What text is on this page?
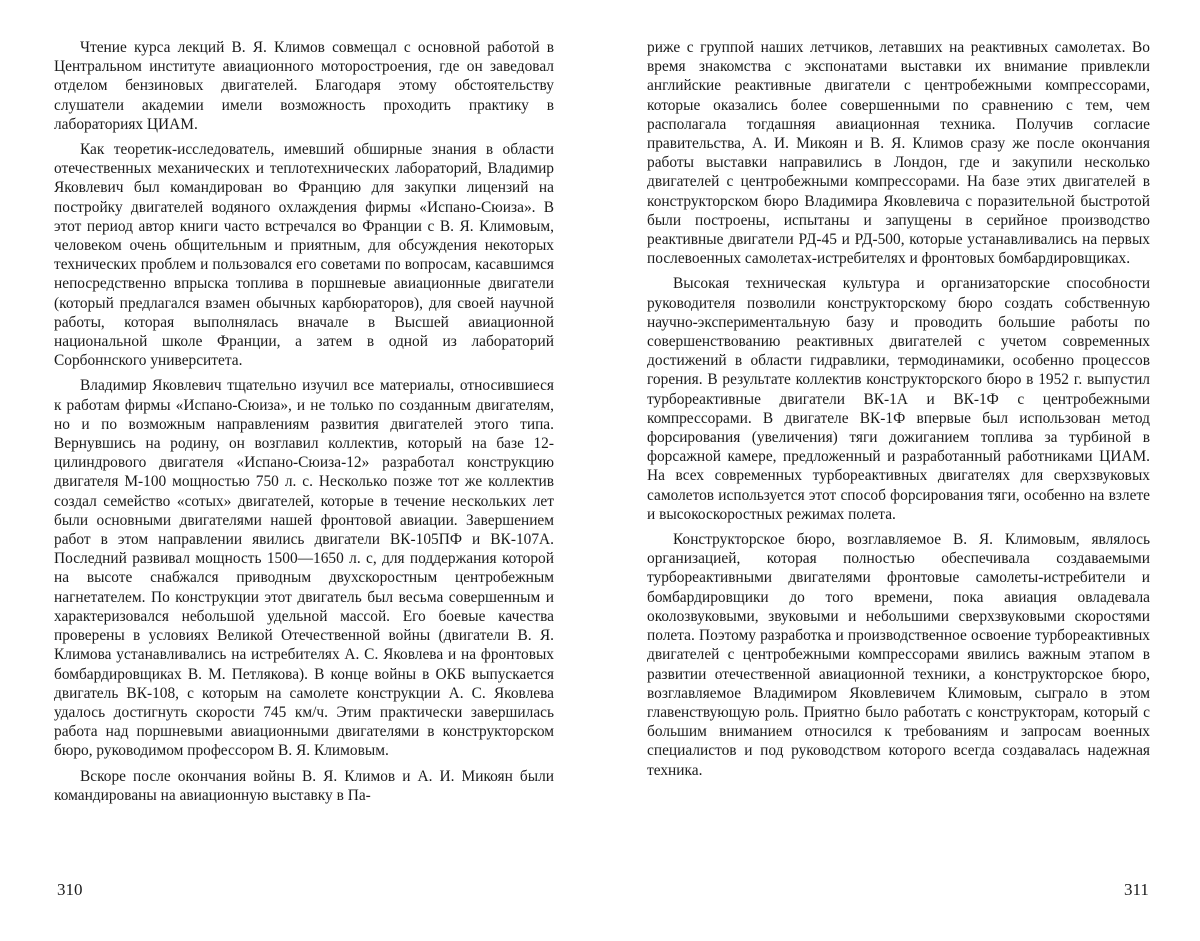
Чтение курса лекций В. Я. Климов совмещал с основной работой в Центральном институте авиационного моторостроения, где он заведовал отделом бензиновых двигателей. Благодаря этому обстоятельству слушатели академии имели возможность проходить практику в лабораториях ЦИАМ.

Как теоретик-исследователь, имевший обширные знания в области отечественных механических и теплотехнических лабораторий, Владимир Яковлевич был командирован во Францию для закупки лицензий на постройку двигателей водяного охлаждения фирмы «Испано-Сюиза». В этот период автор книги часто встречался во Франции с В. Я. Климовым, человеком очень общительным и приятным, для обсуждения некоторых технических проблем и пользовался его советами по вопросам, касавшимся непосредственно впрыска топлива в поршневые авиационные двигатели (который предлагался взамен обычных карбюраторов), для своей научной работы, которая выполнялась вначале в Высшей авиационной национальной школе Франции, а затем в одной из лабораторий Сорбоннского университета.

Владимир Яковлевич тщательно изучил все материалы, относившиеся к работам фирмы «Испано-Сюиза», и не только по созданным двигателям, но и по возможным направлениям развития двигателей этого типа. Вернувшись на родину, он возглавил коллектив, который на базе 12-цилиндрового двигателя «Испано-Сюиза-12» разработал конструкцию двигателя М-100 мощностью 750 л. с. Несколько позже тот же коллектив создал семейство «сотых» двигателей, которые в течение нескольких лет были основными двигателями нашей фронтовой авиации. Завершением работ в этом направлении явились двигатели ВК-105ПФ и ВК-107А. Последний развивал мощность 1500—1650 л. с, для поддержания которой на высоте снабжался приводным двухскоростным центробежным нагнетателем. По конструкции этот двигатель был весьма совершенным и характеризовался небольшой удельной массой. Его боевые качества проверены в условиях Великой Отечественной войны (двигатели В. Я. Климова устанавливались на истребителях А. С. Яковлева и на фронтовых бомбардировщиках В. М. Петлякова). В конце войны в ОКБ выпускается двигатель ВК-108, с которым на самолете конструкции А. С. Яковлева удалось достигнуть скорости 745 км/ч. Этим практически завершилась работа над поршневыми авиационными двигателями в конструкторском бюро, руководимом профессором В. Я. Климовым.

Вскоре после окончания войны В. Я. Климов и А. И. Микоян были командированы на авиационную выставку в Па-

310

риже с группой наших летчиков, летавших на реактивных самолетах. Во время знакомства с экспонатами выставки их внимание привлекли английские реактивные двигатели с центробежными компрессорами, которые оказались более совершенными по сравнению с тем, чем располагала тогдашняя авиационная техника. Получив согласие правительства, А. И. Микоян и В. Я. Климов сразу же после окончания работы выставки направились в Лондон, где и закупили несколько двигателей с центробежными компрессорами. На базе этих двигателей в конструкторском бюро Владимира Яковлевича с поразительной быстротой были построены, испытаны и запущены в серийное производство реактивные двигатели РД-45 и РД-500, которые устанавливались на первых послевоенных самолетах-истребителях и фронтовых бомбардировщиках.

Высокая техническая культура и организаторские способности руководителя позволили конструкторскому бюро создать собственную научно-экспериментальную базу и проводить большие работы по совершенствованию реактивных двигателей с учетом современных достижений в области гидравлики, термодинамики, особенно процессов горения. В результате коллектив конструкторского бюро в 1952 г. выпустил турбореактивные двигатели ВК-1А и ВК-1Ф с центробежными компрессорами. В двигателе ВК-1Ф впервые был использован метод форсирования (увеличения) тяги дожиганием топлива за турбиной в форсажной камере, предложенный и разработанный работниками ЦИАМ. На всех современных турбореактивных двигателях для сверхзвуковых самолетов используется этот способ форсирования тяги, особенно на взлете и высокоскоростных режимах полета.

Конструкторское бюро, возглавляемое В. Я. Климовым, являлось организацией, которая полностью обеспечивала создаваемыми турбореактивными двигателями фронтовые самолеты-истребители и бомбардировщики до того времени, пока авиация овладевала околозвуковыми, звуковыми и небольшими сверхзвуковыми скоростями полета. Поэтому разработка и производственное освоение турбореактивных двигателей с центробежными компрессорами явились важным этапом в развитии отечественной авиационной техники, а конструкторское бюро, возглавляемое Владимиром Яковлевичем Климовым, сыграло в этом главенствующую роль. Приятно было работать с конструкторам, который с большим вниманием относился к требованиям и запросам военных специалистов и под руководством которого всегда создавалась надежная техника.

311
